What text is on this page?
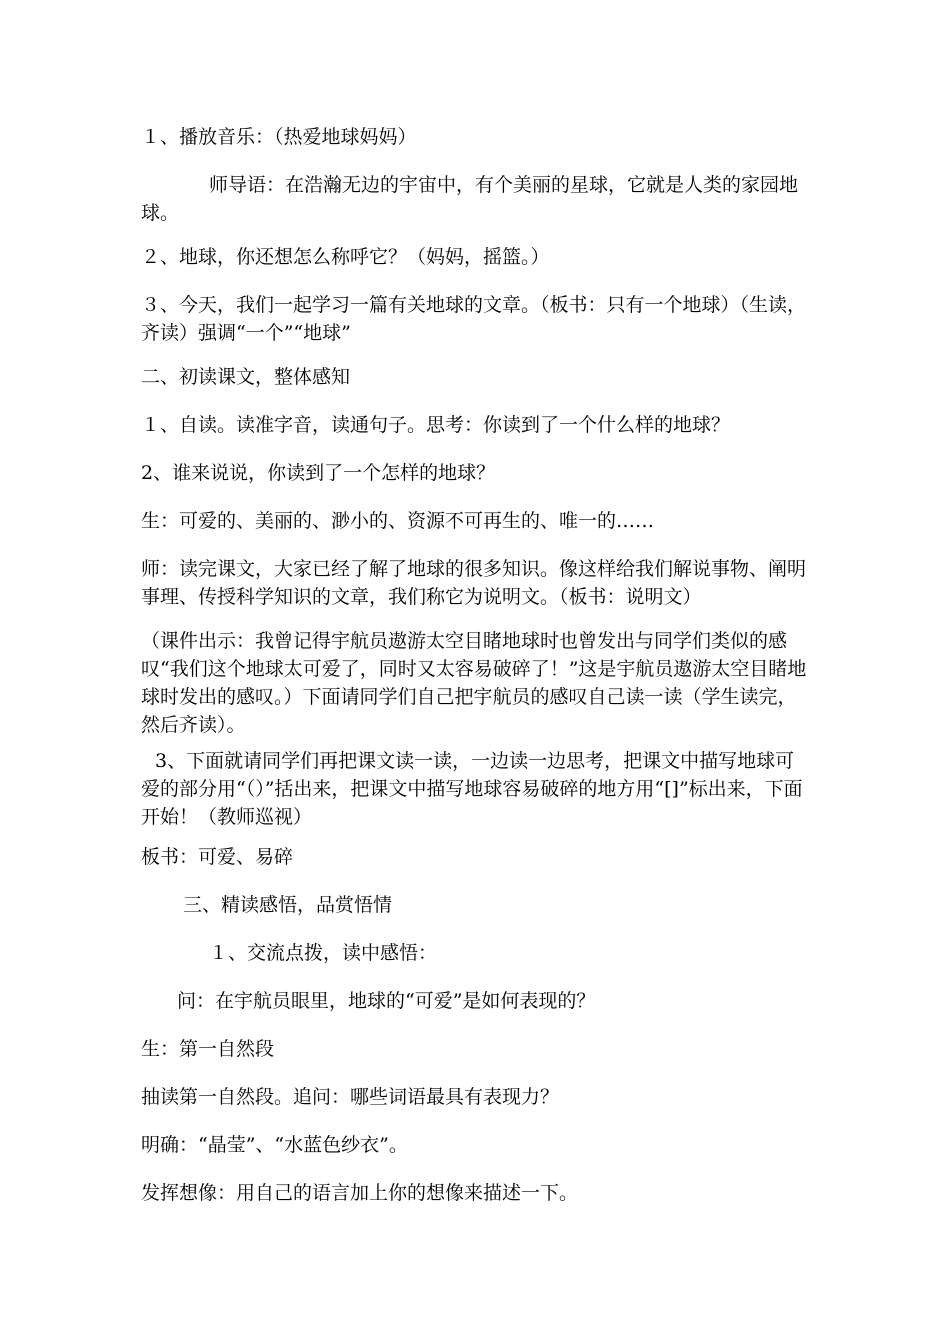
１、播放音乐：（热爱地球妈妈）

师导语：在浩瀚无边的宇宙中，有个美丽的星球，它就是人类的家园地球。

２、地球，你还想怎么称呼它？（妈妈，摇篮。）

３、今天，我们一起学习一篇有关地球的文章。（板书：只有一个地球）（生读，齐读）强调“一个”“地球”

二、初读课文，整体感知

１、自读。读准字音，读通句子。思考：你读到了一个什么样的地球？

2、谁来说说，你读到了一个怎样的地球？

生：可爱的、美丽的、渺小的、资源不可再生的、唯一的……

师：读完课文，大家已经了解了地球的很多知识。像这样给我们解说事物、阐明事理、传授科学知识的文章，我们称它为说明文。（板书：说明文）

（课件出示：我曾记得宇航员遨游太空目睹地球时也曾发出与同学们类似的感叹“我们这个地球太可爱了，同时又太容易破碎了！”这是宇航员遨游太空目睹地球时发出的感叹。）下面请同学们自己把宇航员的感叹自己读一读（学生读完，然后齐读）。

3、下面就请同学们再把课文读一读，一边读一边思考，把课文中描写地球可爱的部分用“（）”括出来，把课文中描写地球容易破碎的地方用“[]”标出来，下面开始！（教师巡视）

板书：可爱、易碎

三、精读感悟，品赏悟情

１、交流点拨，读中感悟：

问：在宇航员眼里，地球的“可爱”是如何表现的？

生：第一自然段

抽读第一自然段。追问：哪些词语最具有表现力？

明确：“晶莹”、“水蓝色纱衣”。

发挥想像：用自己的语言加上你的想像来描述一下。
